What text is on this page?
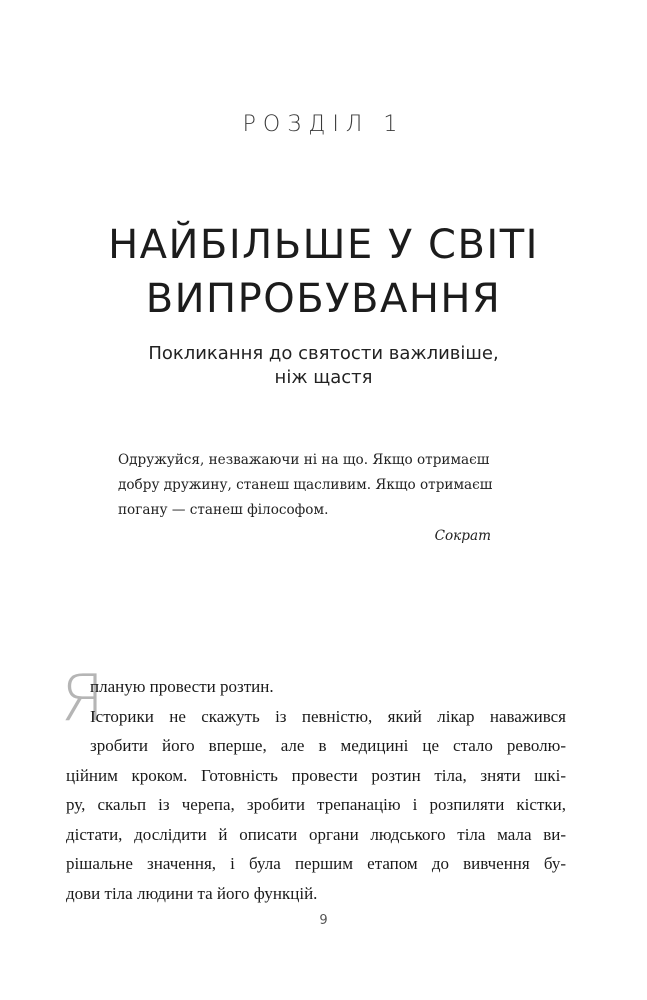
РОЗДІЛ 1
НАЙБІЛЬШЕ У СВІТІ
ВИПРОБУВАННЯ
Покликання до святости важливіше,
ніж щастя
Одружуйся, незважаючи ні на що. Якщо отримаєш
добру дружину, станеш щасливим. Якщо отримаєш
погану — станеш філософом.
Сократ
Я
планую провести розтин.
Історики не скажуть із певністю, який лікар наважився
зробити його вперше, але в медицині це стало револю-
ційним кроком. Готовність провести розтин тіла, зняти шкі-
ру, скальп із черепа, зробити трепанацію і розпиляти кістки,
дістати, дослідити й описати органи людського тіла мала ви-
рішальне значення, і була першим етапом до вивчення бу-
дови тіла людини та його функцій.
9
